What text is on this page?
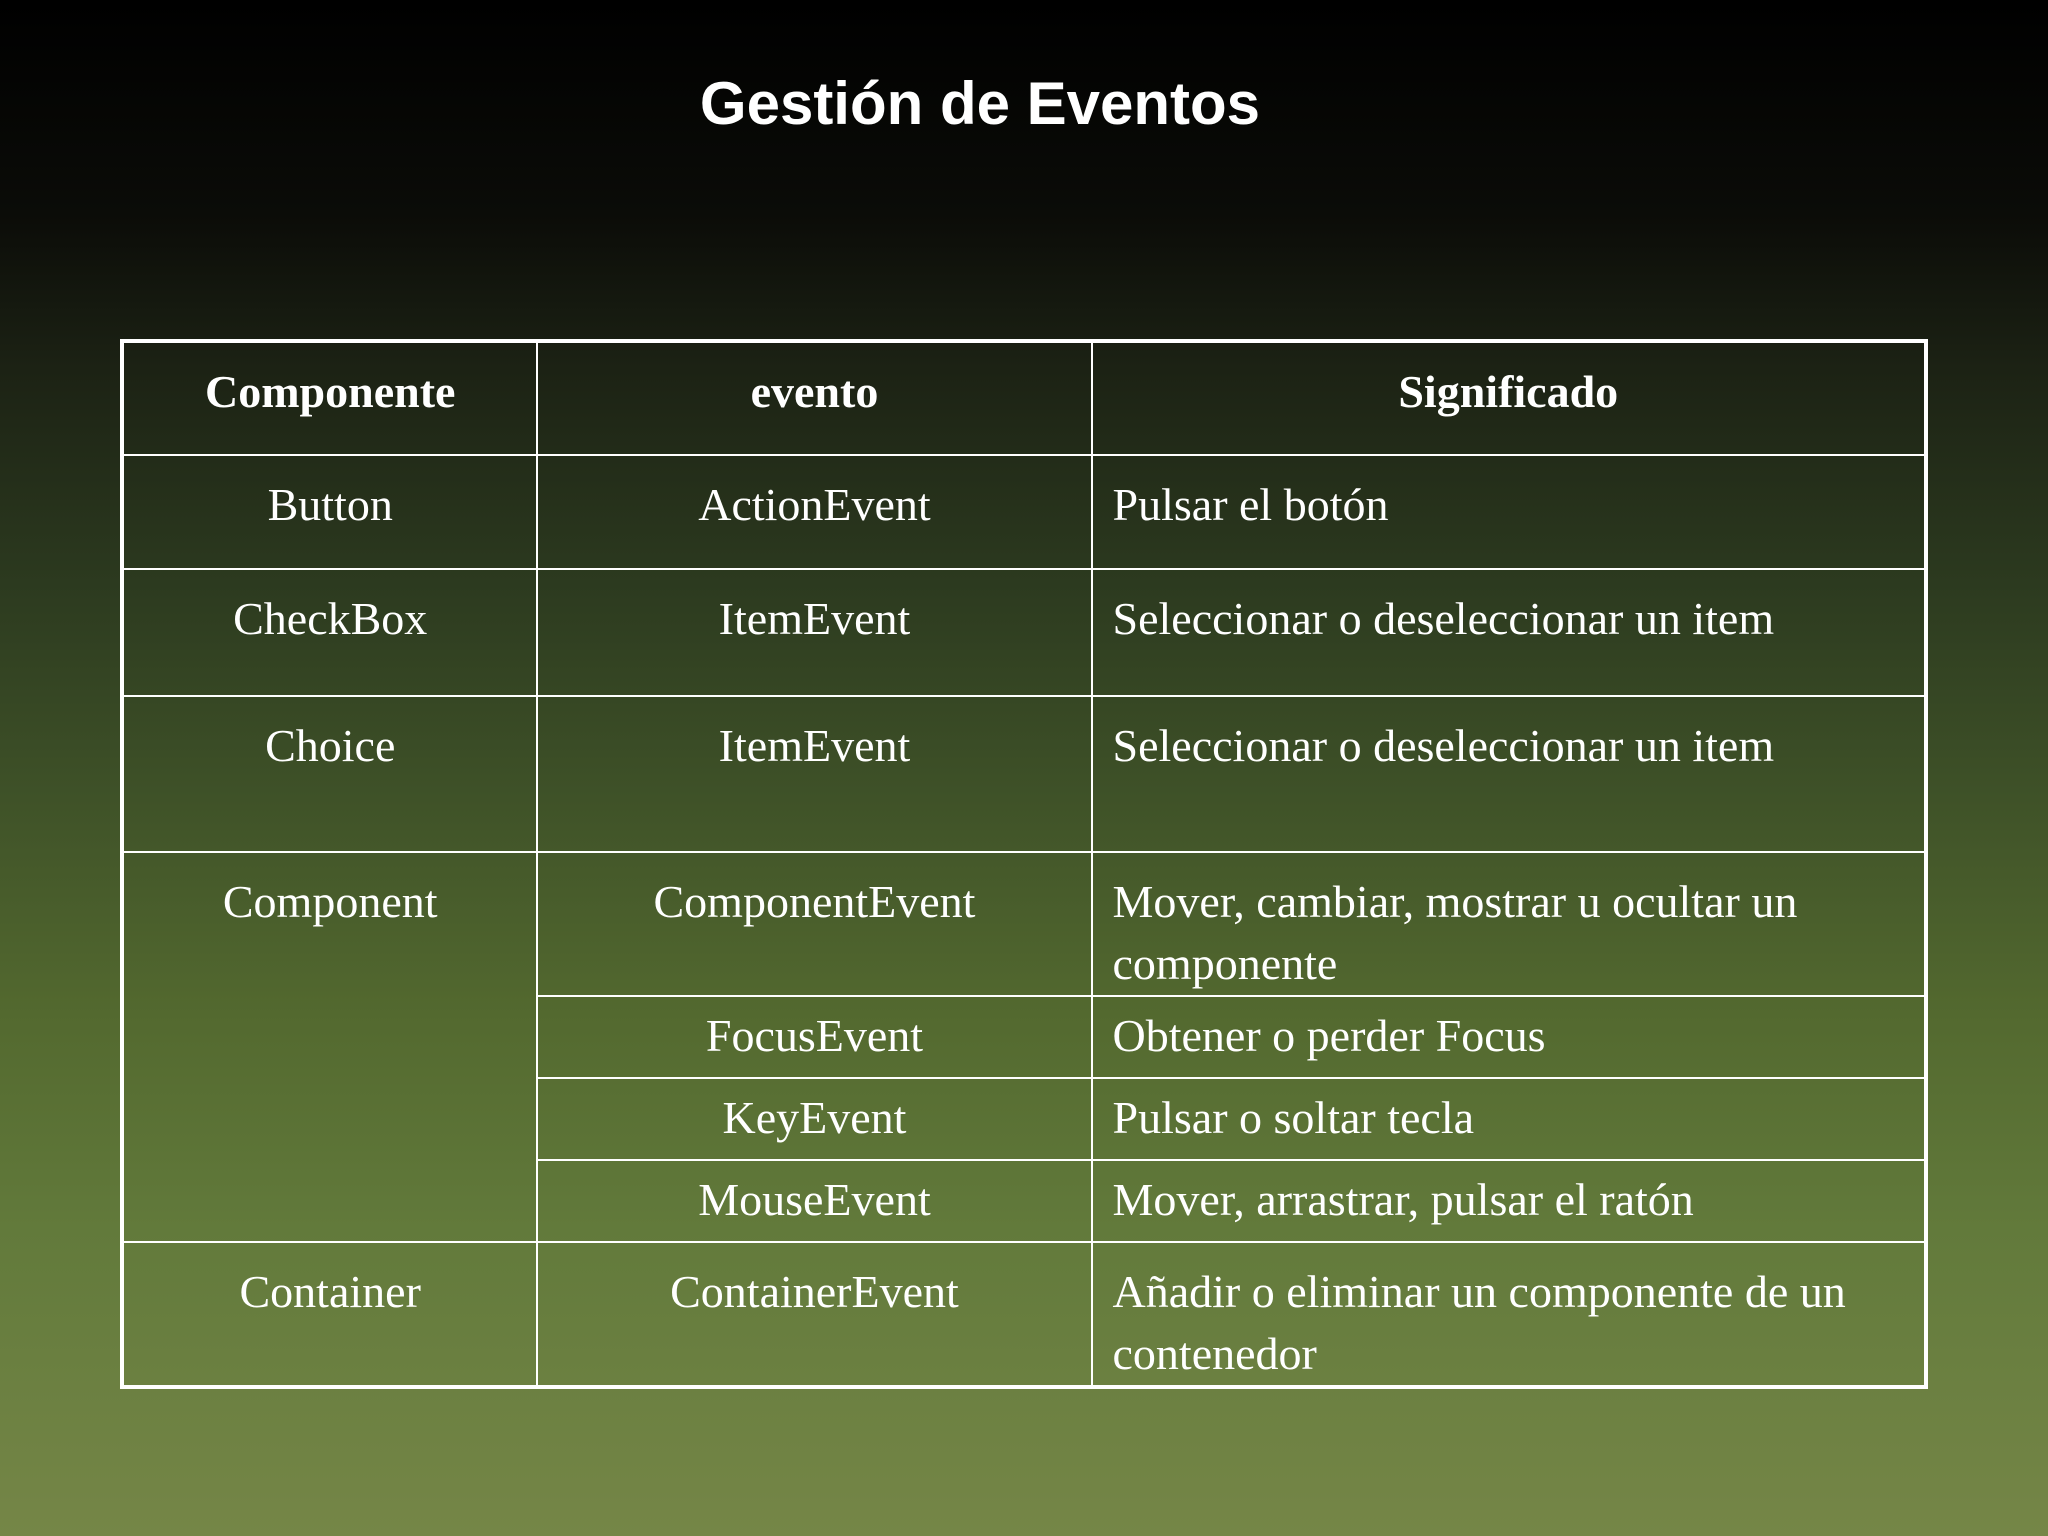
Gestión de Eventos
Componente	evento	Significado
Button	ActionEvent	Pulsar el botón
CheckBox	ItemEvent	Seleccionar o deseleccionar un item
Choice	ItemEvent	Seleccionar o deseleccionar un item
Component	ComponentEvent	Mover, cambiar, mostrar u ocultar un componente
	FocusEvent	Obtener o perder Focus
	KeyEvent	Pulsar o soltar tecla
	MouseEvent	Mover, arrastrar, pulsar el ratón
Container	ContainerEvent	Añadir o eliminar un componente de un contenedor
